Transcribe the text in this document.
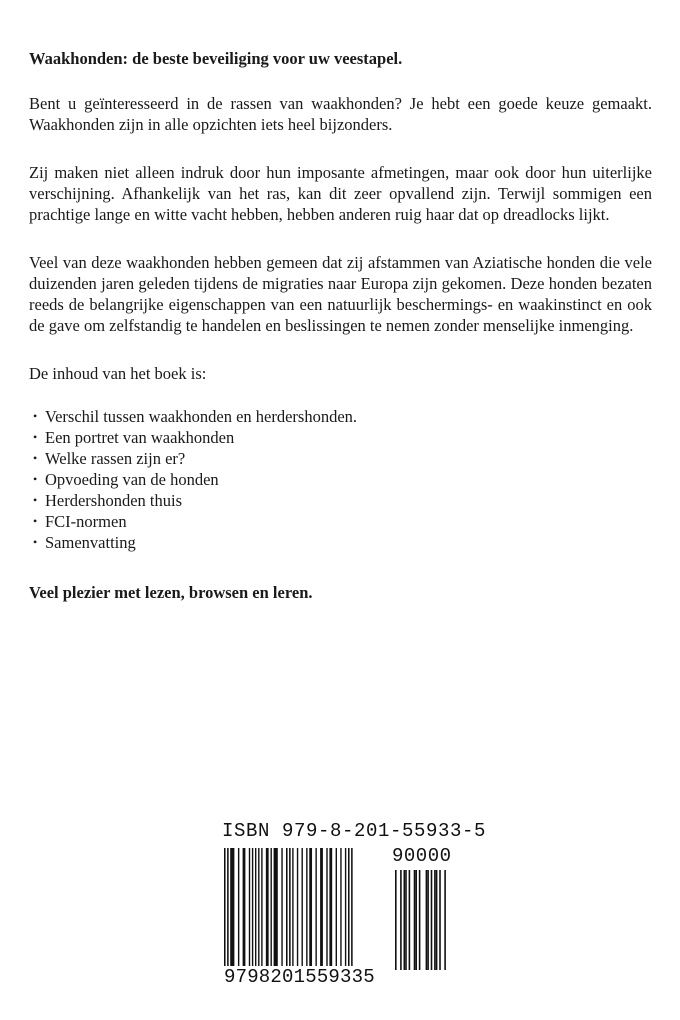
Waakhonden: de beste beveiliging voor uw veestapel.

Bent u geïnteresseerd in de rassen van waakhonden? Je hebt een goede keuze gemaakt. Waakhonden zijn in alle opzichten iets heel bijzonders.

Zij maken niet alleen indruk door hun imposante afmetingen, maar ook door hun uiterlijke verschijning. Afhankelijk van het ras, kan dit zeer opvallend zijn. Terwijl sommigen een prachtige lange en witte vacht hebben, hebben anderen ruig haar dat op dreadlocks lijkt.

Veel van deze waakhonden hebben gemeen dat zij afstammen van Aziatische honden die vele duizenden jaren geleden tijdens de migraties naar Europa zijn gekomen. Deze honden bezaten reeds de belangrijke eigenschappen van een natuurlijk beschermings- en waakinstinct en ook de gave om zelfstandig te handelen en beslissingen te nemen zonder menselijke inmenging.

De inhoud van het boek is:

• Verschil tussen waakhonden en herdershonden.
• Een portret van waakhonden
• Welke rassen zijn er?
• Opvoeding van de honden
• Herdershonden thuis
• FCI-normen
• Samenvatting

Veel plezier met lezen, browsen en leren.

ISBN 979-8-201-55933-5
90000
9798201559335
